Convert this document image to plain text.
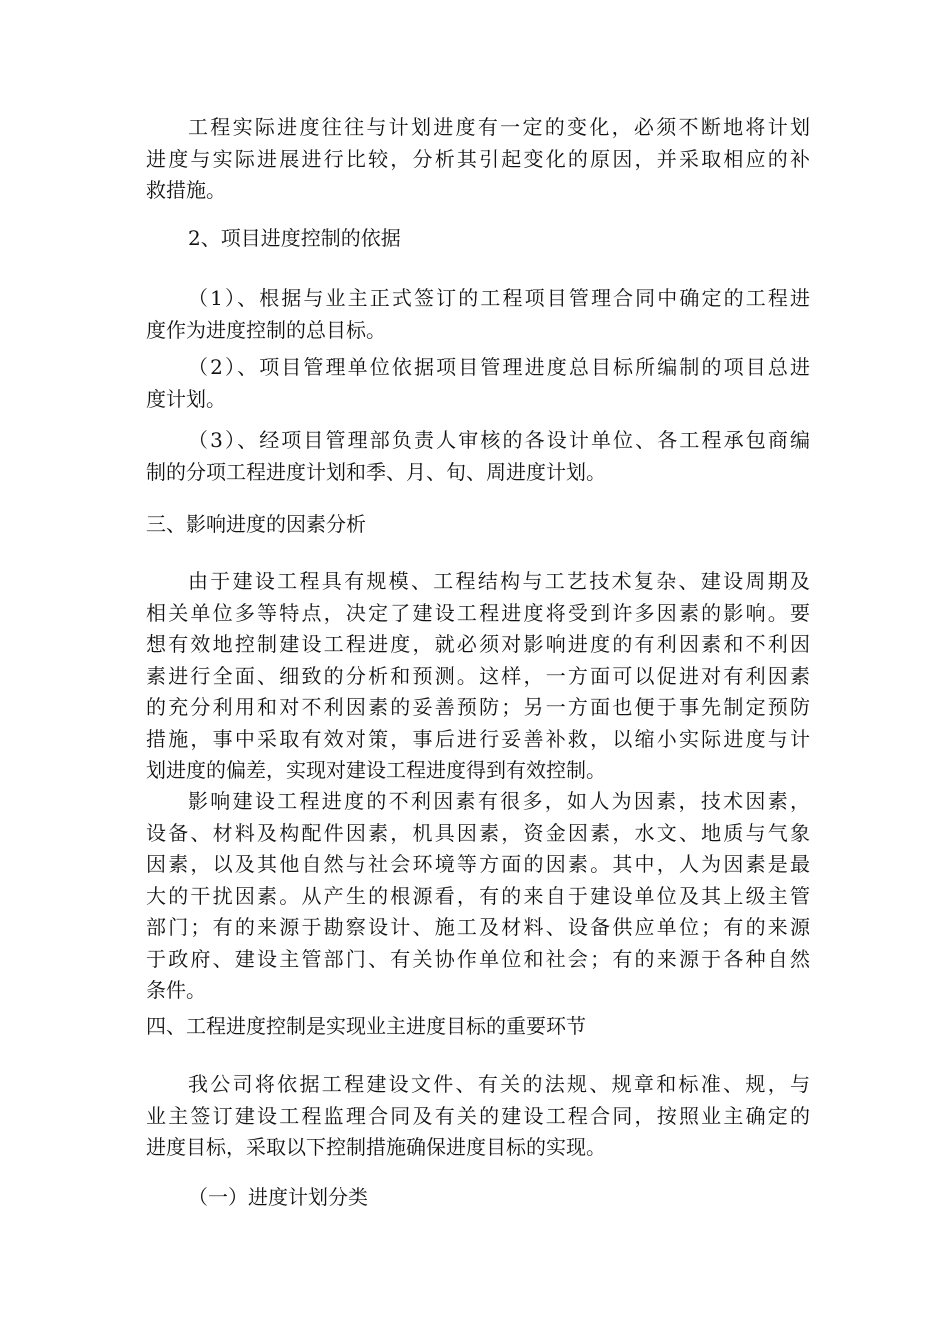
工程实际进度往往与计划进度有一定的变化，必须不断地将计划
进度与实际进展进行比较，分析其引起变化的原因，并采取相应的补
救措施。
2、项目进度控制的依据
（1）、根据与业主正式签订的工程项目管理合同中确定的工程进
度作为进度控制的总目标。
（2）、项目管理单位依据项目管理进度总目标所编制的项目总进
度计划。
（3）、经项目管理部负责人审核的各设计单位、各工程承包商编
制的分项工程进度计划和季、月、旬、周进度计划。
三、影响进度的因素分析
由于建设工程具有规模、工程结构与工艺技术复杂、建设周期及
相关单位多等特点，决定了建设工程进度将受到许多因素的影响。要
想有效地控制建设工程进度，就必须对影响进度的有利因素和不利因
素进行全面、细致的分析和预测。这样，一方面可以促进对有利因素
的充分利用和对不利因素的妥善预防；另一方面也便于事先制定预防
措施，事中采取有效对策，事后进行妥善补救，以缩小实际进度与计
划进度的偏差，实现对建设工程进度得到有效控制。
影响建设工程进度的不利因素有很多，如人为因素，技术因素，
设备、材料及构配件因素，机具因素，资金因素，水文、地质与气象
因素，以及其他自然与社会环境等方面的因素。其中，人为因素是最
大的干扰因素。从产生的根源看，有的来自于建设单位及其上级主管
部门；有的来源于勘察设计、施工及材料、设备供应单位；有的来源
于政府、建设主管部门、有关协作单位和社会；有的来源于各种自然
条件。
四、工程进度控制是实现业主进度目标的重要环节
我公司将依据工程建设文件、有关的法规、规章和标准、规，与
业主签订建设工程监理合同及有关的建设工程合同，按照业主确定的
进度目标，采取以下控制措施确保进度目标的实现。
（一）进度计划分类
